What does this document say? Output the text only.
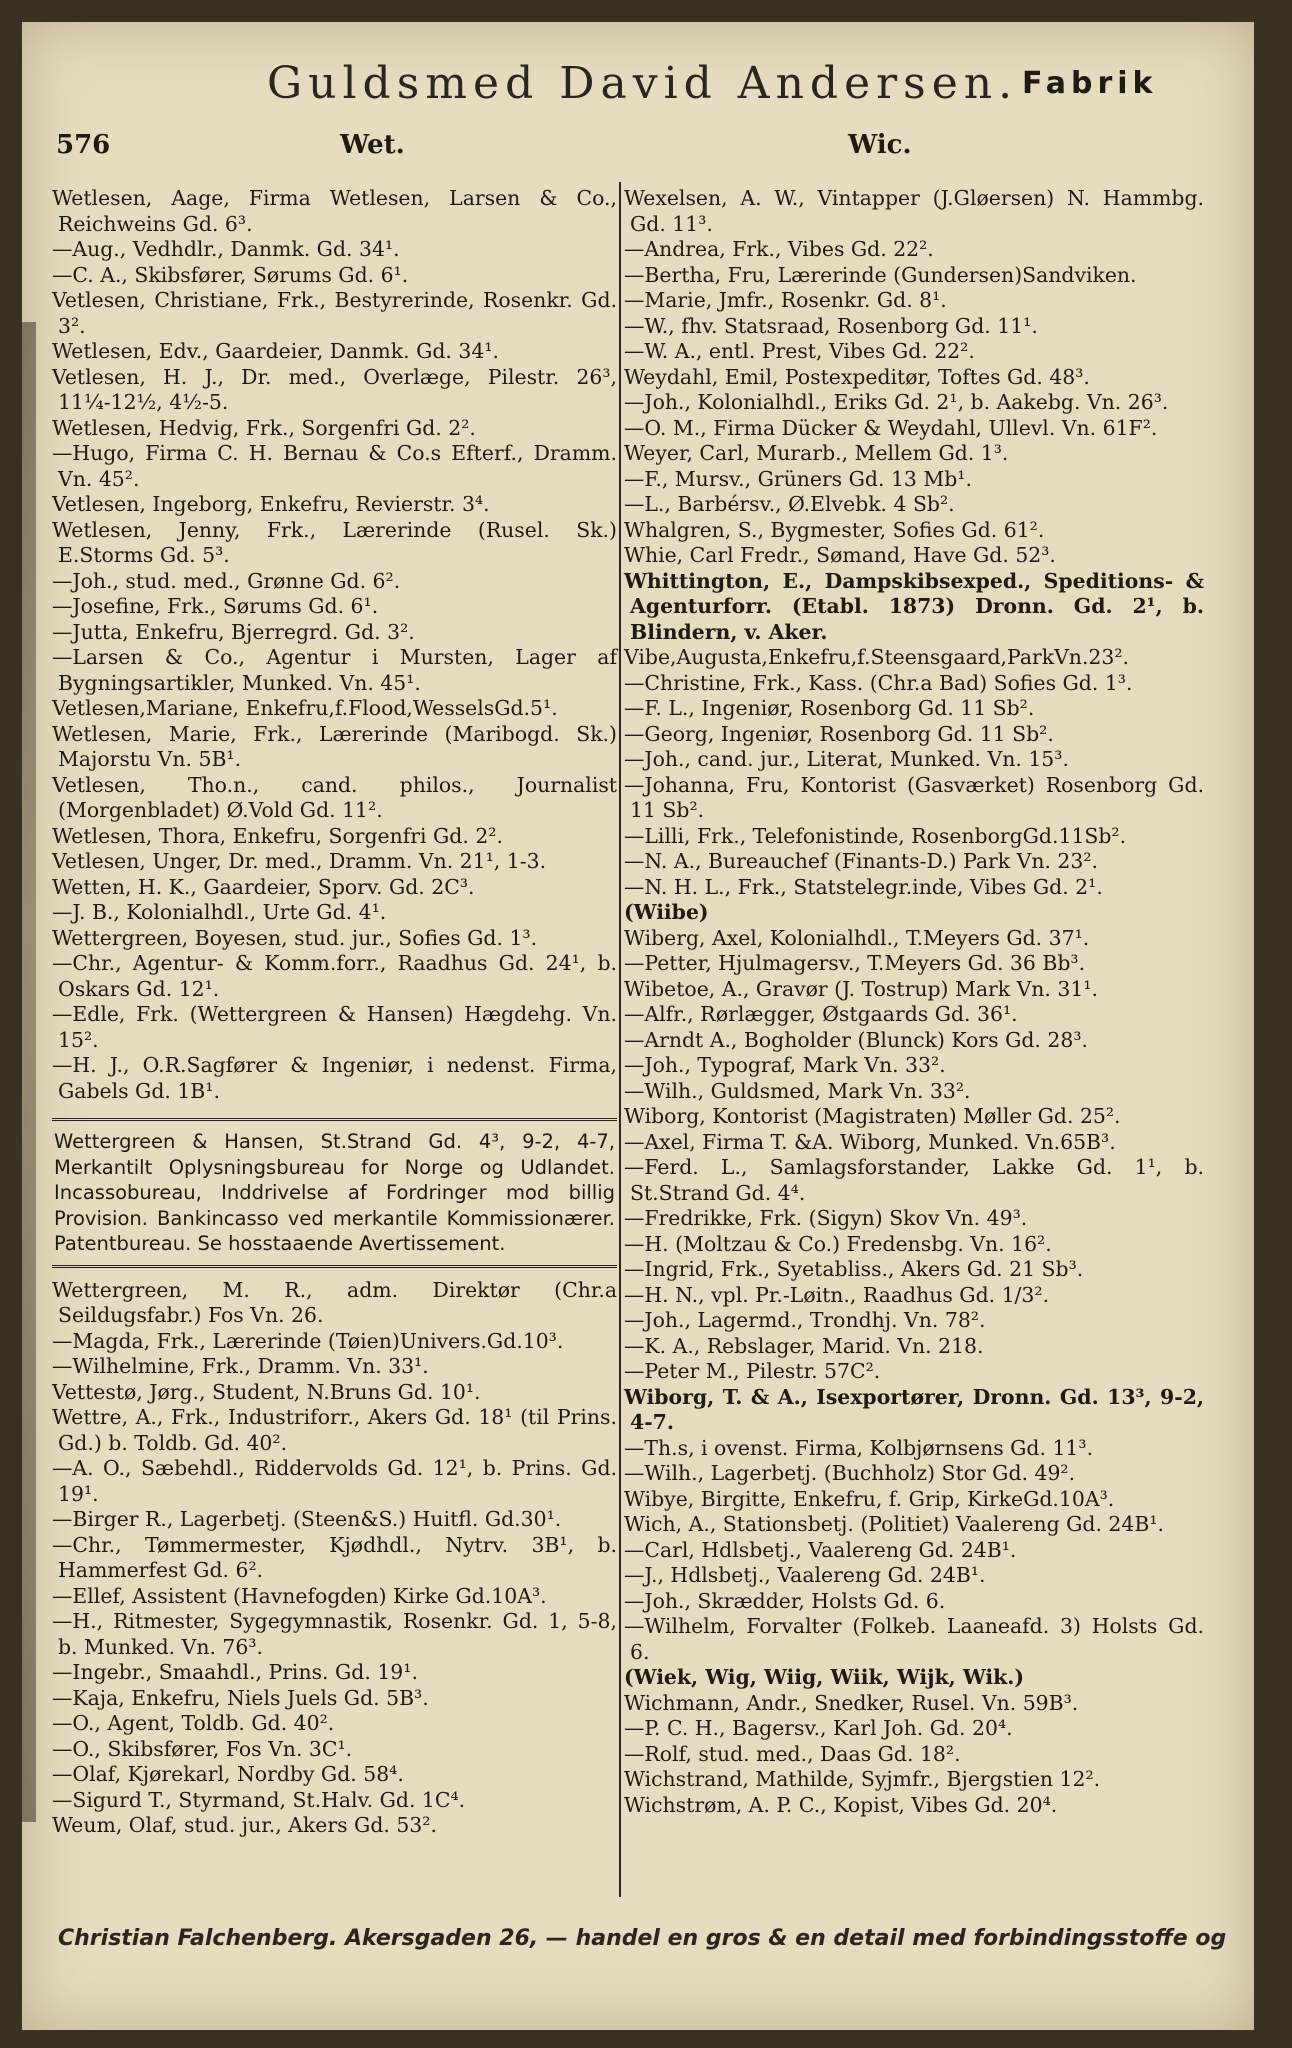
Guldsmed David Andersen. Fabrik
576	Wet.	Wic.
Wetlesen, Aage, Firma Wetlesen, Larsen & Co., Reichweins Gd. 6³.
—Aug., Vedhdlr., Danmk. Gd. 34¹.
—C. A., Skibsfører, Sørums Gd. 6¹.
Vetlesen, Christiane, Frk., Bestyrerinde, Rosenkr. Gd. 3².
Wetlesen, Edv., Gaardeier, Danmk. Gd. 34¹.
Vetlesen, H. J., Dr. med., Overlæge, Pilestr. 26³, 11¼-12½, 4½-5.
Wetlesen, Hedvig, Frk., Sorgenfri Gd. 2².
—Hugo, Firma C. H. Bernau & Co.s Efterf., Dramm. Vn. 45².
Vetlesen, Ingeborg, Enkefru, Revierstr. 3⁴.
Wetlesen, Jenny, Frk., Lærerinde (Rusel. Sk.) E.Storms Gd. 5³.
—Joh., stud. med., Grønne Gd. 6².
—Josefine, Frk., Sørums Gd. 6¹.
—Jutta, Enkefru, Bjerregrd. Gd. 3².
—Larsen & Co., Agentur i Mursten, Lager af Bygningsartikler, Munked. Vn. 45¹.
Vetlesen,Mariane, Enkefru,f.Flood,WesselsGd.5¹.
Wetlesen, Marie, Frk., Lærerinde (Maribogd. Sk.) Majorstu Vn. 5B¹.
Vetlesen, Tho.n., cand. philos., Journalist (Morgenbladet) Ø.Vold Gd. 11².
Wetlesen, Thora, Enkefru, Sorgenfri Gd. 2².
Vetlesen, Unger, Dr. med., Dramm. Vn. 21¹, 1-3.
Wetten, H. K., Gaardeier, Sporv. Gd. 2C³.
—J. B., Kolonialhdl., Urte Gd. 4¹.
Wettergreen, Boyesen, stud. jur., Sofies Gd. 1³.
—Chr., Agentur- & Komm.forr., Raadhus Gd. 24¹, b. Oskars Gd. 12¹.
—Edle, Frk. (Wettergreen & Hansen) Hægdehg. Vn. 15².
—H. J., O.R.Sagfører & Ingeniør, i nedenst. Firma, Gabels Gd. 1B¹.

Wettergreen & Hansen, St.Strand Gd. 4³, 9-2, 4-7, Merkantilt Oplysningsbureau for Norge og Udlandet. Incassobureau, Inddrivelse af Fordringer mod billig Provision. Bankincasso ved merkantile Kommissionærer. Patentbureau. Se hosstaaende Avertissement.

Wettergreen, M. R., adm. Direktør (Chr.a Seildugsfabr.) Fos Vn. 26.
—Magda, Frk., Lærerinde (Tøien)Univers.Gd.10³.
—Wilhelmine, Frk., Dramm. Vn. 33¹.
Vettestø, Jørg., Student, N.Bruns Gd. 10¹.
Wettre, A., Frk., Industriforr., Akers Gd. 18¹ (til Prins. Gd.) b. Toldb. Gd. 40².
—A. O., Sæbehdl., Riddervolds Gd. 12¹, b. Prins. Gd. 19¹.
—Birger R., Lagerbetj. (Steen&S.) Huitfl. Gd.30¹.
—Chr., Tømmermester, Kjødhdl., Nytrv. 3B¹, b. Hammerfest Gd. 6².
—Ellef, Assistent (Havnefogden) Kirke Gd.10A³.
—H., Ritmester, Sygegymnastik, Rosenkr. Gd. 1, 5-8, b. Munked. Vn. 76³.
—Ingebr., Smaahdl., Prins. Gd. 19¹.
—Kaja, Enkefru, Niels Juels Gd. 5B³.
—O., Agent, Toldb. Gd. 40².
—O., Skibsfører, Fos Vn. 3C¹.
—Olaf, Kjørekarl, Nordby Gd. 58⁴.
—Sigurd T., Styrmand, St.Halv. Gd. 1C⁴.
Weum, Olaf, stud. jur., Akers Gd. 53².
Wexelsen, A. W., Vintapper (J.Gløersen) N. Hammbg. Gd. 11³.
—Andrea, Frk., Vibes Gd. 22².
—Bertha, Fru, Lærerinde (Gundersen)Sandviken.
—Marie, Jmfr., Rosenkr. Gd. 8¹.
—W., fhv. Statsraad, Rosenborg Gd. 11¹.
—W. A., entl. Prest, Vibes Gd. 22².
Weydahl, Emil, Postexpeditør, Toftes Gd. 48³.
—Joh., Kolonialhdl., Eriks Gd. 2¹, b. Aakebg. Vn. 26³.
—O. M., Firma Dücker & Weydahl, Ullevl. Vn. 61F².
Weyer, Carl, Murarb., Mellem Gd. 1³.
—F., Mursv., Grüners Gd. 13 Mb¹.
—L., Barbérsv., Ø.Elvebk. 4 Sb².
Whalgren, S., Bygmester, Sofies Gd. 61².
Whie, Carl Fredr., Sømand, Have Gd. 52³.
Whittington, E., Dampskibsexped., Speditions- & Agenturforr. (Etabl. 1873) Dronn. Gd. 2¹, b. Blindern, v. Aker.
Vibe,Augusta,Enkefru,f.Steensgaard,ParkVn.23².
—Christine, Frk., Kass. (Chr.a Bad) Sofies Gd. 1³.
—F. L., Ingeniør, Rosenborg Gd. 11 Sb².
—Georg, Ingeniør, Rosenborg Gd. 11 Sb².
—Joh., cand. jur., Literat, Munked. Vn. 15³.
—Johanna, Fru, Kontorist (Gasværket) Rosenborg Gd. 11 Sb².
—Lilli, Frk., Telefonistinde, RosenborgGd.11Sb².
—N. A., Bureauchef (Finants-D.) Park Vn. 23².
—N. H. L., Frk., Statstelegr.inde, Vibes Gd. 2¹.
(Wiibe)
Wiberg, Axel, Kolonialhdl., T.Meyers Gd. 37¹.
—Petter, Hjulmagersv., T.Meyers Gd. 36 Bb³.
Wibetoe, A., Gravør (J. Tostrup) Mark Vn. 31¹.
—Alfr., Rørlægger, Østgaards Gd. 36¹.
—Arndt A., Bogholder (Blunck) Kors Gd. 28³.
—Joh., Typograf, Mark Vn. 33².
—Wilh., Guldsmed, Mark Vn. 33².
Wiborg, Kontorist (Magistraten) Møller Gd. 25².
—Axel, Firma T. &A. Wiborg, Munked. Vn.65B³.
—Ferd. L., Samlagsforstander, Lakke Gd. 1¹, b. St.Strand Gd. 4⁴.
—Fredrikke, Frk. (Sigyn) Skov Vn. 49³.
—H. (Moltzau & Co.) Fredensbg. Vn. 16².
—Ingrid, Frk., Syetabliss., Akers Gd. 21 Sb³.
—H. N., vpl. Pr.-Løitn., Raadhus Gd. 1/3².
—Joh., Lagermd., Trondhj. Vn. 78².
—K. A., Rebslager, Marid. Vn. 218.
—Peter M., Pilestr. 57C².
Wiborg, T. & A., Isexportører, Dronn. Gd. 13³, 9-2, 4-7.
—Th.s, i ovenst. Firma, Kolbjørnsens Gd. 11³.
—Wilh., Lagerbetj. (Buchholz) Stor Gd. 49².
Wibye, Birgitte, Enkefru, f. Grip, KirkeGd.10A³.
Wich, A., Stationsbetj. (Politiet) Vaalereng Gd. 24B¹.
—Carl, Hdlsbetj., Vaalereng Gd. 24B¹.
—J., Hdlsbetj., Vaalereng Gd. 24B¹.
—Joh., Skrædder, Holsts Gd. 6.
—Wilhelm, Forvalter (Folkeb. Laaneafd. 3) Holsts Gd. 6.
(Wiek, Wig, Wiig, Wiik, Wijk, Wik.)
Wichmann, Andr., Snedker, Rusel. Vn. 59B³.
—P. C. H., Bagersv., Karl Joh. Gd. 20⁴.
—Rolf, stud. med., Daas Gd. 18².
Wichstrand, Mathilde, Syjmfr., Bjergstien 12².
Wichstrøm, A. P. C., Kopist, Vibes Gd. 20⁴.
Christian Falchenberg. Akersgaden 26, — handel en gros & en detail med forbindingsstoffe og
